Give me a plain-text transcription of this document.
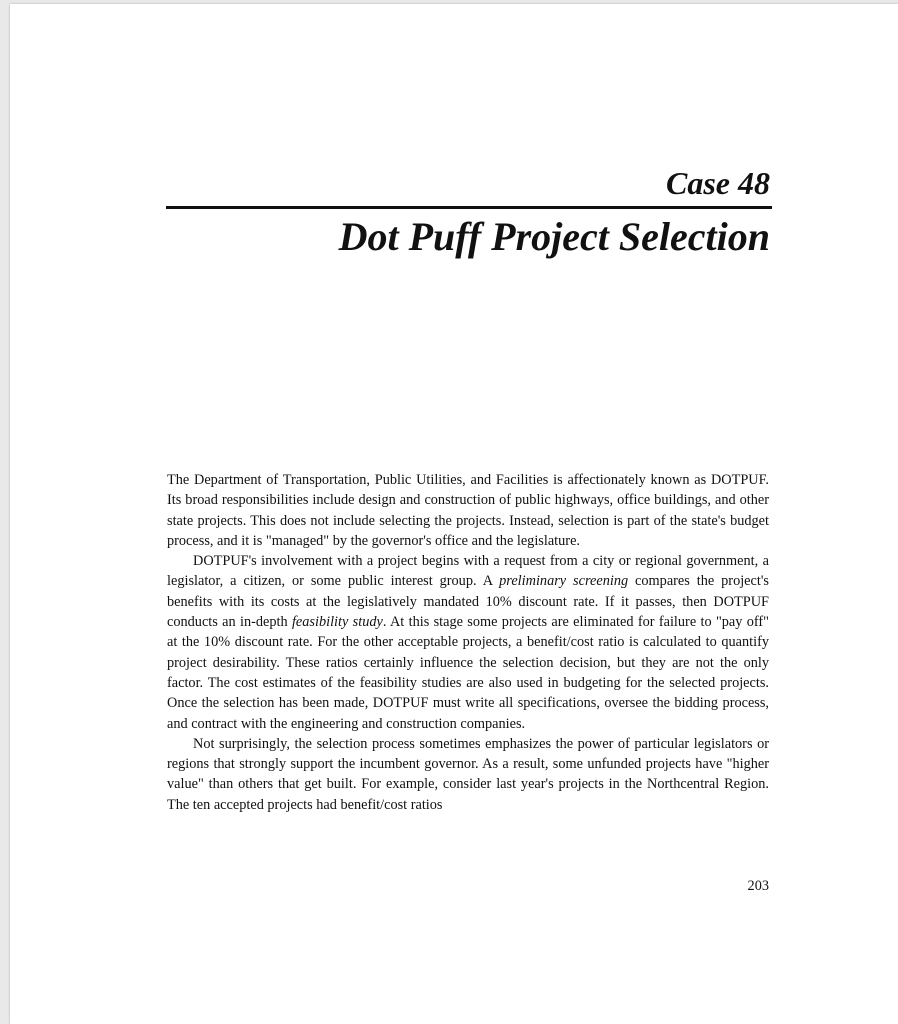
Case 48
Dot Puff Project Selection

The Department of Transportation, Public Utilities, and Facilities is affectionately known as DOTPUF. Its broad responsibilities include design and construction of public highways, office buildings, and other state projects. This does not include selecting the projects. Instead, selection is part of the state's budget process, and it is "managed" by the governor's office and the legislature.

DOTPUF's involvement with a project begins with a request from a city or regional government, a legislator, a citizen, or some public interest group. A preliminary screening compares the project's benefits with its costs at the legislatively mandated 10% discount rate. If it passes, then DOTPUF conducts an in-depth feasibility study. At this stage some projects are eliminated for failure to "pay off" at the 10% discount rate. For the other acceptable projects, a benefit/cost ratio is calculated to quantify project desirability. These ratios certainly influence the selection decision, but they are not the only factor. The cost estimates of the feasibility studies are also used in budgeting for the selected projects. Once the selection has been made, DOTPUF must write all specifications, oversee the bidding process, and contract with the engineering and construction companies.

Not surprisingly, the selection process sometimes emphasizes the power of particular legislators or regions that strongly support the incumbent governor. As a result, some unfunded projects have "higher value" than others that get built. For example, consider last year's projects in the Northcentral Region. The ten accepted projects had benefit/cost ratios

203
